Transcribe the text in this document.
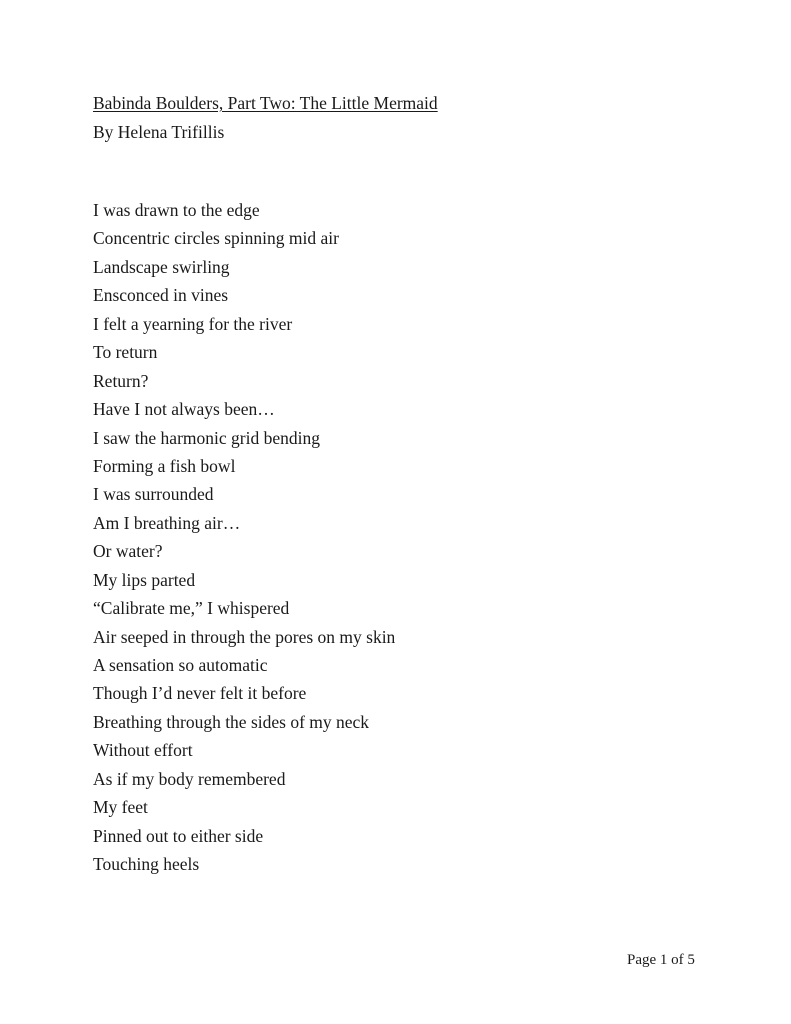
Babinda Boulders, Part Two: The Little Mermaid
By Helena Trifillis
I was drawn to the edge
Concentric circles spinning mid air
Landscape swirling
Ensconced in vines
I felt a yearning for the river
To return
Return?
Have I not always been…
I saw the harmonic grid bending
Forming a fish bowl
I was surrounded
Am I breathing air…
Or water?
My lips parted
“Calibrate me,” I whispered
Air seeped in through the pores on my skin
A sensation so automatic
Though I’d never felt it before
Breathing through the sides of my neck
Without effort
As if my body remembered
My feet
Pinned out to either side
Touching heels
Page 1 of 5
